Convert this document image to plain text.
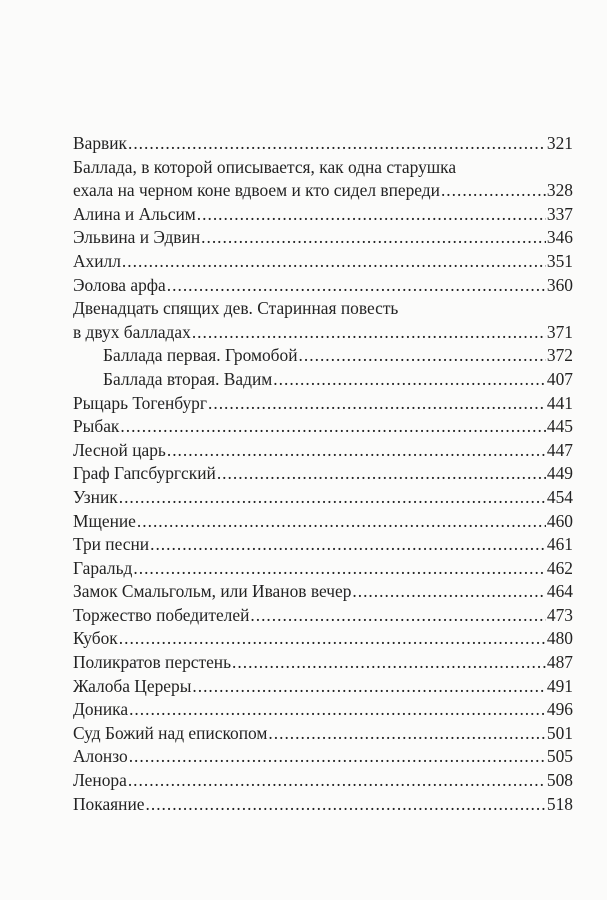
Варвик .....	321
Баллада, в которой описывается, как одна старушка
ехала на черном коне вдвоем и кто сидел впереди .....	328
Алина и Альсим .....	337
Эльвина и Эдвин .....	346
Ахилл .....	351
Эолова арфа .....	360
Двенадцать спящих дев. Старинная повесть
в двух балладах .....	371
Баллада первая. Громобой .....	372
Баллада вторая. Вадим .....	407
Рыцарь Тогенбург .....	441
Рыбак .....	445
Лесной царь .....	447
Граф Гапсбургский .....	449
Узник .....	454
Мщение .....	460
Три песни .....	461
Гаральд .....	462
Замок Смальгольм, или Иванов вечер .....	464
Торжество победителей .....	473
Кубок .....	480
Поликратов перстень .....	487
Жалоба Цереры .....	491
Доника .....	496
Суд Божий над епископом .....	501
Алонзо .....	505
Ленора .....	508
Покаяние .....	518
